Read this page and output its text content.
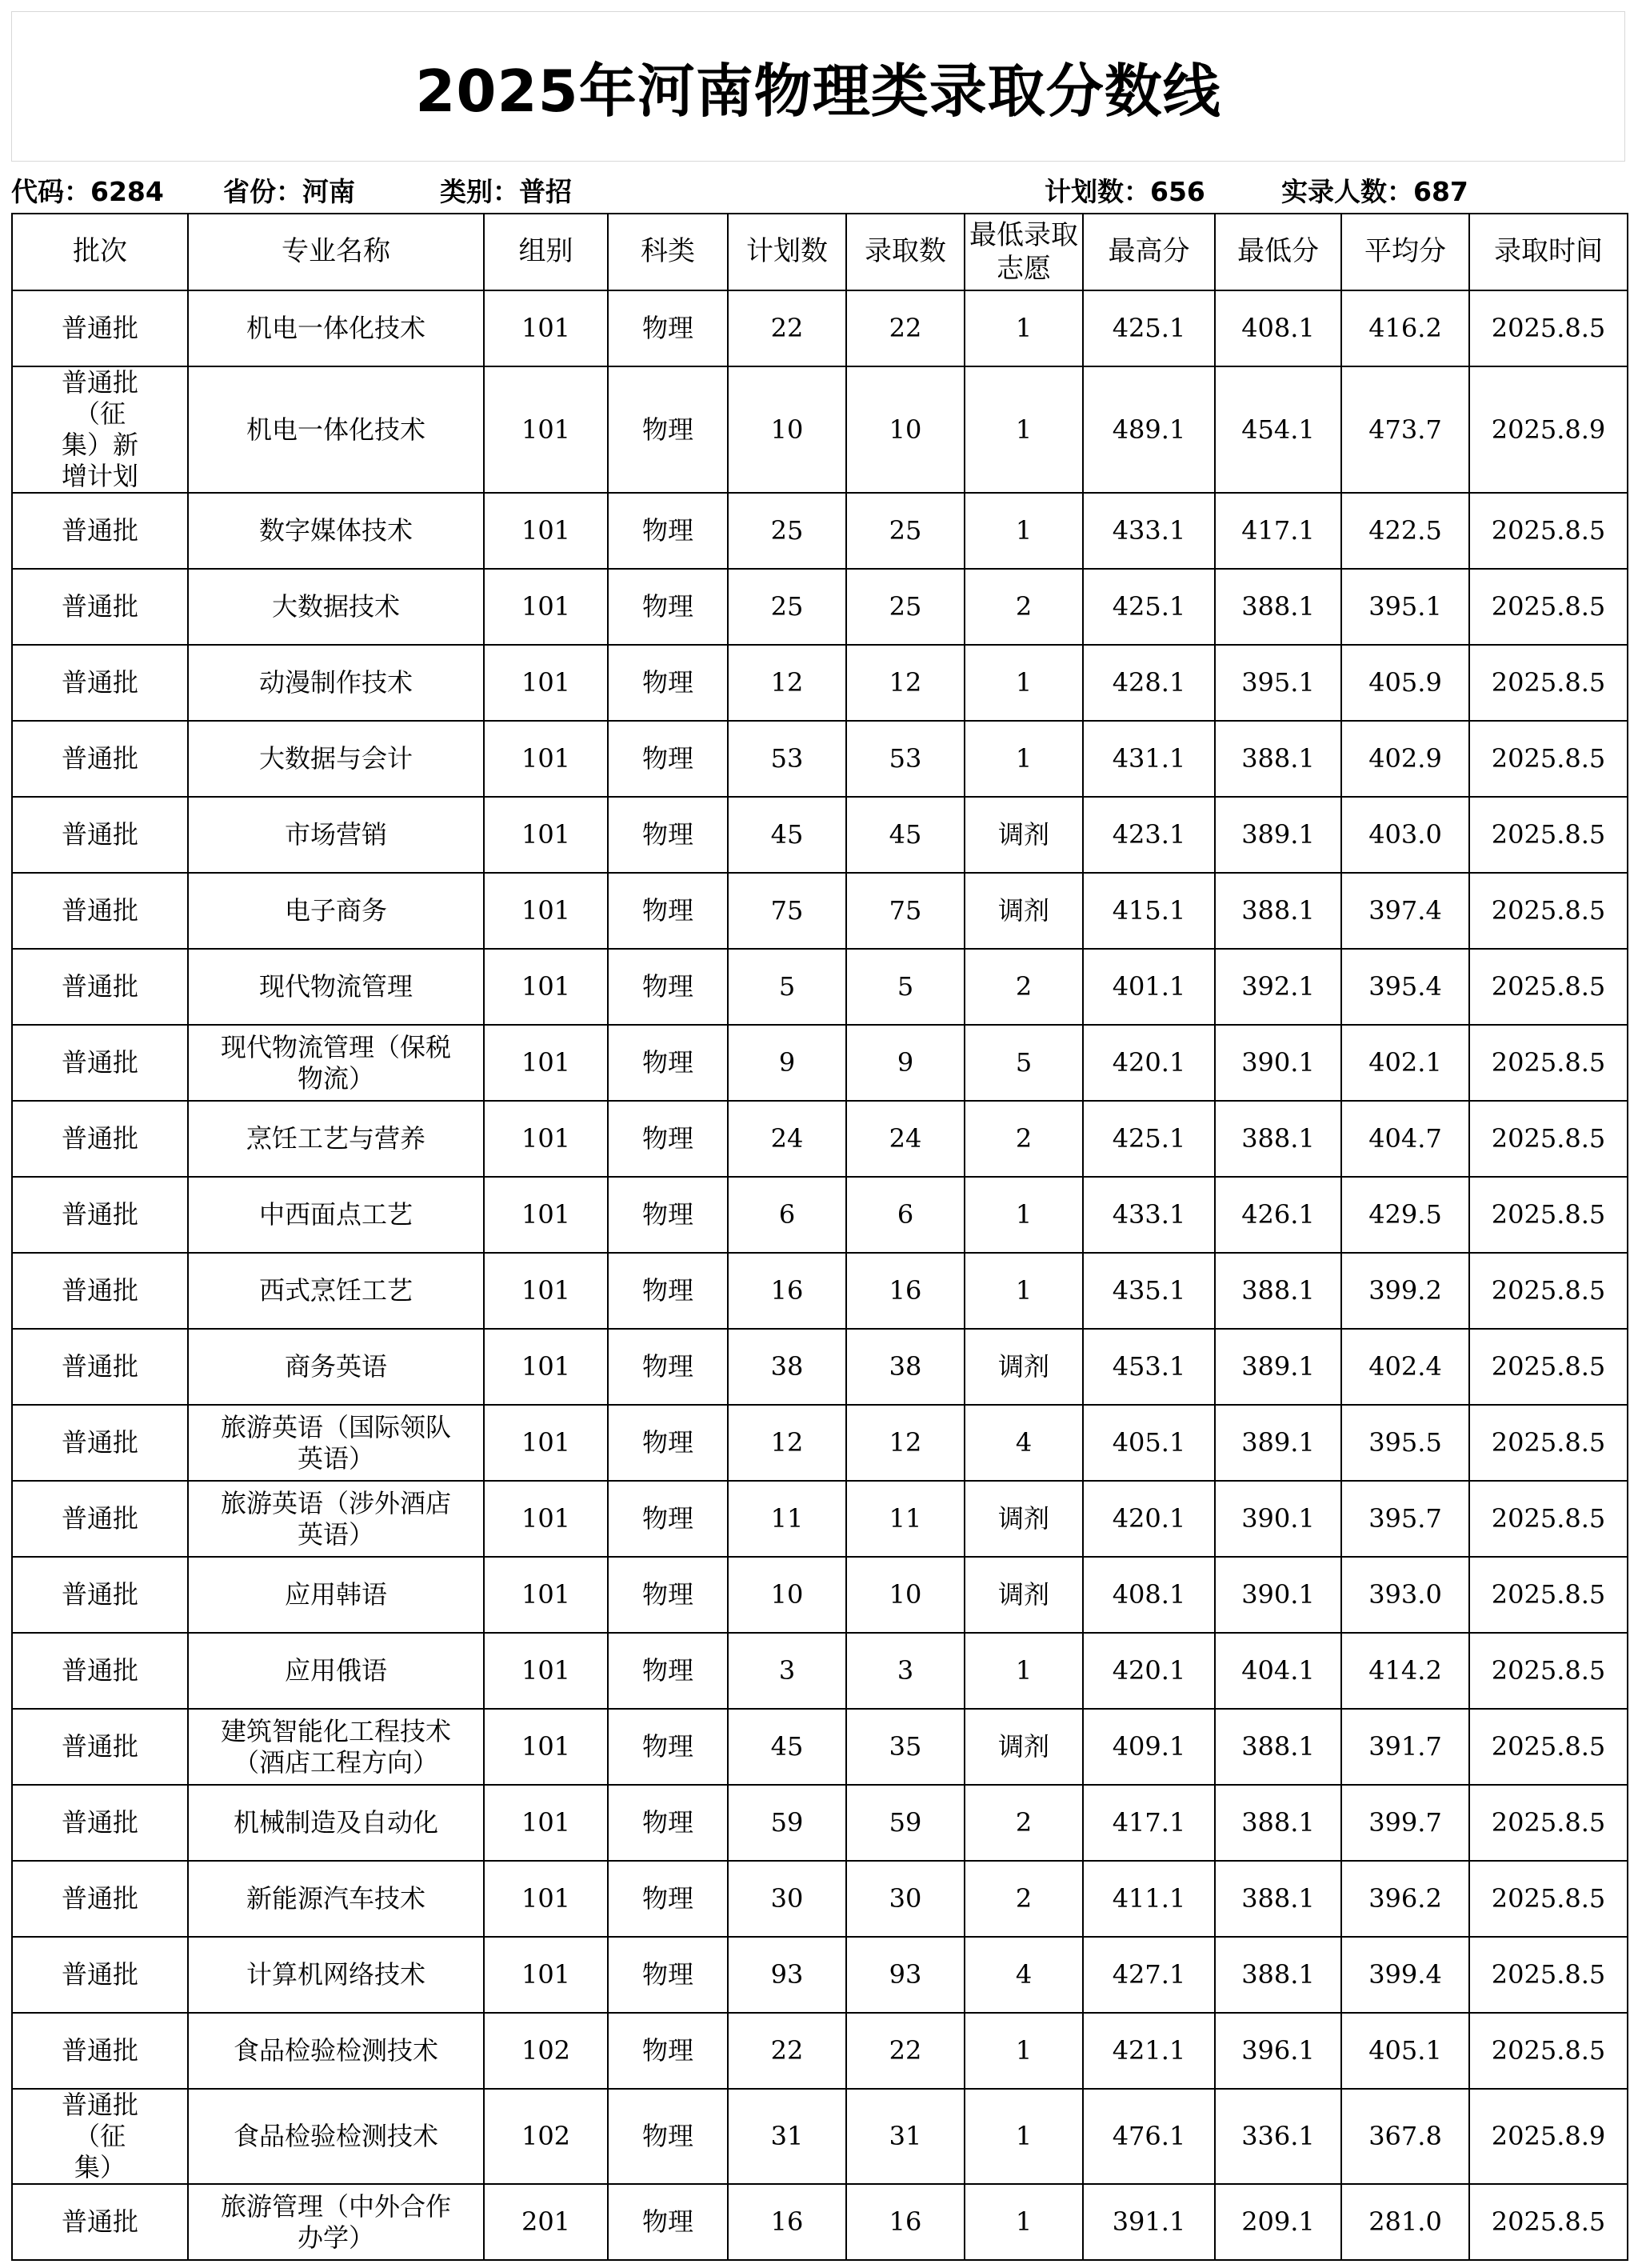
2025年河南物理类录取分数线
代码：6284 省份：河南	类别：普招	计划数：656	实录人数：687
批次	专业名称	组别	科类	计划数	录取数	最低录取志愿	最高分	最低分	平均分	录取时间
普通批	机电一体化技术	101	物理	22	22	1	425.1	408.1	416.2	2025.8.5
普通批（征集）新增计划	机电一体化技术	101	物理	10	10	1	489.1	454.1	473.7	2025.8.9
普通批	数字媒体技术	101	物理	25	25	1	433.1	417.1	422.5	2025.8.5
普通批	大数据技术	101	物理	25	25	2	425.1	388.1	395.1	2025.8.5
普通批	动漫制作技术	101	物理	12	12	1	428.1	395.1	405.9	2025.8.5
普通批	大数据与会计	101	物理	53	53	1	431.1	388.1	402.9	2025.8.5
普通批	市场营销	101	物理	45	45	调剂	423.1	389.1	403.0	2025.8.5
普通批	电子商务	101	物理	75	75	调剂	415.1	388.1	397.4	2025.8.5
普通批	现代物流管理	101	物理	5	5	2	401.1	392.1	395.4	2025.8.5
普通批	现代物流管理（保税物流）	101	物理	9	9	5	420.1	390.1	402.1	2025.8.5
普通批	烹饪工艺与营养	101	物理	24	24	2	425.1	388.1	404.7	2025.8.5
普通批	中西面点工艺	101	物理	6	6	1	433.1	426.1	429.5	2025.8.5
普通批	西式烹饪工艺	101	物理	16	16	1	435.1	388.1	399.2	2025.8.5
普通批	商务英语	101	物理	38	38	调剂	453.1	389.1	402.4	2025.8.5
普通批	旅游英语（国际领队英语）	101	物理	12	12	4	405.1	389.1	395.5	2025.8.5
普通批	旅游英语（涉外酒店英语）	101	物理	11	11	调剂	420.1	390.1	395.7	2025.8.5
普通批	应用韩语	101	物理	10	10	调剂	408.1	390.1	393.0	2025.8.5
普通批	应用俄语	101	物理	3	3	1	420.1	404.1	414.2	2025.8.5
普通批	建筑智能化工程技术（酒店工程方向）	101	物理	45	35	调剂	409.1	388.1	391.7	2025.8.5
普通批	机械制造及自动化	101	物理	59	59	2	417.1	388.1	399.7	2025.8.5
普通批	新能源汽车技术	101	物理	30	30	2	411.1	388.1	396.2	2025.8.5
普通批	计算机网络技术	101	物理	93	93	4	427.1	388.1	399.4	2025.8.5
普通批	食品检验检测技术	102	物理	22	22	1	421.1	396.1	405.1	2025.8.5
普通批（征集）	食品检验检测技术	102	物理	31	31	1	476.1	336.1	367.8	2025.8.9
普通批	旅游管理（中外合作办学）	201	物理	16	16	1	391.1	209.1	281.0	2025.8.5
